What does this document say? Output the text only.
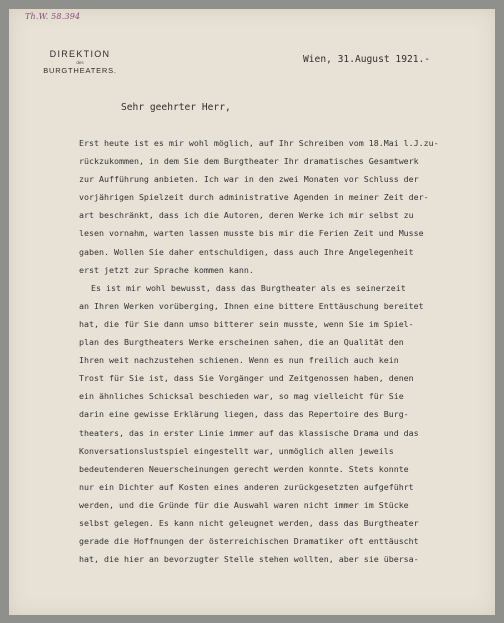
Th.W. 58.394
DIREKTION
des
BURGTHEATERS.
Wien, 31.August 1921.-
Sehr geehrter Herr,
Erst heute ist es mir wohl möglich, auf Ihr Schreiben vom 18.Mai l.J.zu-
rückzukommen, in dem Sie dem Burgtheater Ihr dramatisches Gesamtwerk
zur Aufführung anbieten. Ich war in den zwei Monaten vor Schluss der
vorjährigen Spielzeit durch administrative Agenden in meiner Zeit der-
art beschränkt, dass ich die Autoren, deren Werke ich mir selbst zu
lesen vornahm, warten lassen musste bis mir die Ferien Zeit und Musse
gaben. Wollen Sie daher entschuldigen, dass auch Ihre Angelegenheit
erst jetzt zur Sprache kommen kann.
Es ist mir wohl bewusst, dass das Burgtheater als es seinerzeit
an Ihren Werken vorüberging, Ihnen eine bittere Enttäuschung bereitet
hat, die für Sie dann umso bitterer sein musste, wenn Sie im Spiel-
plan des Burgtheaters Werke erscheinen sahen, die an Qualität den
Ihren weit nachzustehen schienen. Wenn es nun freilich auch kein
Trost für Sie ist, dass Sie Vorgänger und Zeitgenossen haben, denen
ein ähnliches Schicksal beschieden war, so mag vielleicht für Sie
darin eine gewisse Erklärung liegen, dass das Repertoire des Burg-
theaters, das in erster Linie immer auf das klassische Drama und das
Konversationslustspiel eingestellt war, unmöglich allen jeweils
bedeutenderen Neuerscheinungen gerecht werden konnte. Stets konnte
nur ein Dichter auf Kosten eines anderen zurückgesetzten aufgeführt
werden, und die Gründe für die Auswahl waren nicht immer im Stücke
selbst gelegen. Es kann nicht geleugnet werden, dass das Burgtheater
gerade die Hoffnungen der österreichischen Dramatiker oft enttäuscht
hat, die hier an bevorzugter Stelle stehen wollten, aber sie übersa-
